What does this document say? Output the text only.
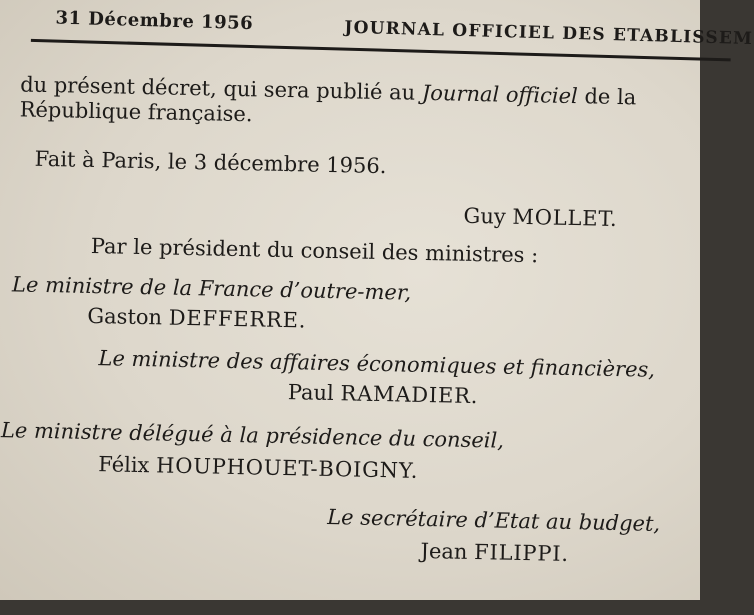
31 Décembre 1956	JOURNAL OFFICIEL DES ETABLISSEM
du présent décret, qui sera publié au Journal officiel de la
République française.
Fait à Paris, le 3 décembre 1956.
Guy MOLLET.
Par le président du conseil des ministres :
Le ministre de la France d’outre-mer,
Gaston DEFFERRE.
Le ministre des affaires économiques et financières,
Paul RAMADIER.
Le ministre délégué à la présidence du conseil,
Félix HOUPHOUET-BOIGNY.
Le secrétaire d’Etat au budget,
Jean FILIPPI.
